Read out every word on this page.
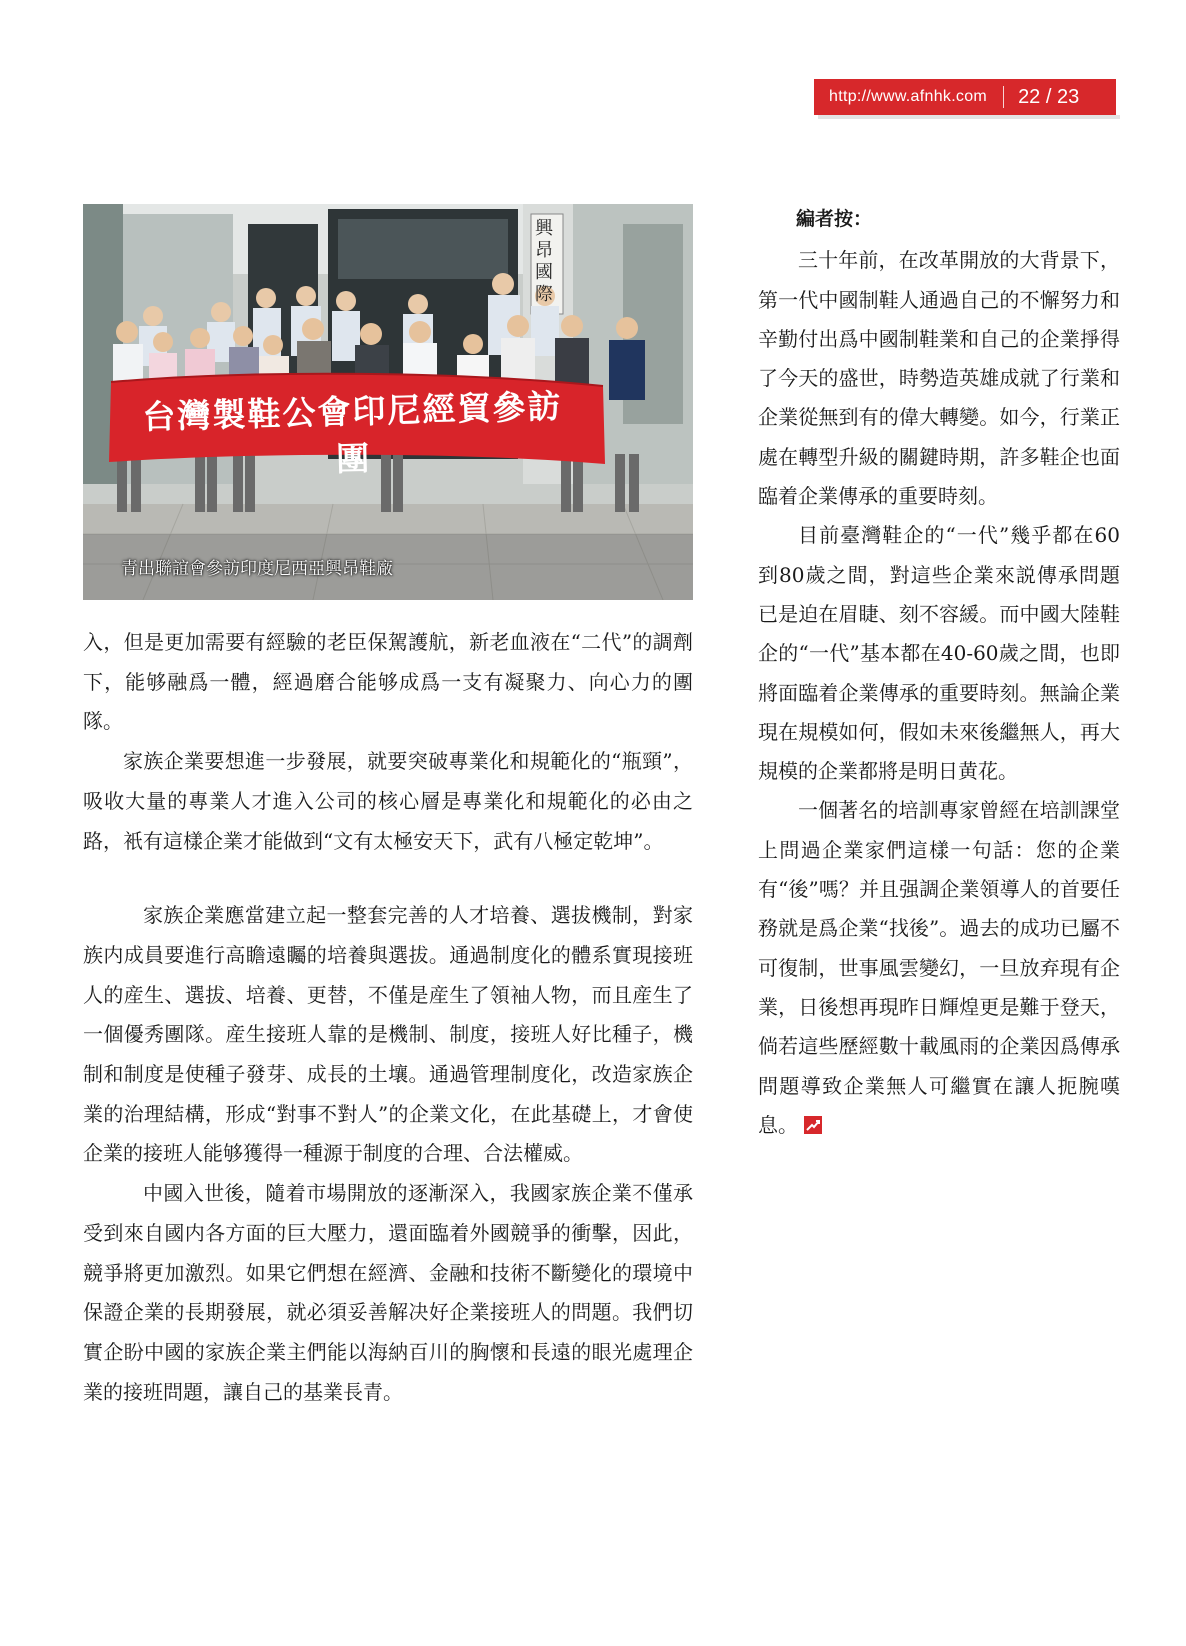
http://www.afnhk.com 22 / 23
台灣製鞋公會印尼經貿參訪團
興昂國際
青出聯誼會參訪印度尼西亞興昂鞋廠

入，但是更加需要有經驗的老臣保駕護航，新老血液在“二代”的調劑下，能够融爲一體，經過磨合能够成爲一支有凝聚力、向心力的團隊。

家族企業要想進一步發展，就要突破專業化和規範化的“瓶頸”，吸收大量的專業人才進入公司的核心層是專業化和規範化的必由之路，衹有這樣企業才能做到“文有太極安天下，武有八極定乾坤”。

家族企業應當建立起一整套完善的人才培養、選拔機制，對家族内成員要進行高瞻遠矚的培養與選拔。通過制度化的體系實現接班人的産生、選拔、培養、更替，不僅是産生了領袖人物，而且産生了一個優秀團隊。産生接班人靠的是機制、制度，接班人好比種子，機制和制度是使種子發芽、成長的土壤。通過管理制度化，改造家族企業的治理結構，形成“對事不對人”的企業文化，在此基礎上，才會使企業的接班人能够獲得一種源于制度的合理、合法權威。

中國入世後，隨着市場開放的逐漸深入，我國家族企業不僅承受到來自國内各方面的巨大壓力，還面臨着外國競爭的衝擊，因此，競爭將更加激烈。如果它們想在經濟、金融和技術不斷變化的環境中保證企業的長期發展，就必須妥善解决好企業接班人的問題。我們切實企盼中國的家族企業主們能以海納百川的胸懷和長遠的眼光處理企業的接班問題，讓自己的基業長青。

編者按：

三十年前，在改革開放的大背景下，第一代中國制鞋人通過自己的不懈努力和辛勤付出爲中國制鞋業和自己的企業掙得了今天的盛世，時勢造英雄成就了行業和企業從無到有的偉大轉變。如今，行業正處在轉型升級的關鍵時期，許多鞋企也面臨着企業傳承的重要時刻。

目前臺灣鞋企的“一代”幾乎都在60到80歲之間，對這些企業來説傳承問題已是迫在眉睫、刻不容緩。而中國大陸鞋企的“一代”基本都在40-60歲之間，也即將面臨着企業傳承的重要時刻。無論企業現在規模如何，假如未來後繼無人，再大規模的企業都將是明日黄花。

一個著名的培訓專家曾經在培訓課堂上問過企業家們這樣一句話：您的企業有“後”嗎？并且强調企業領導人的首要任務就是爲企業“找後”。過去的成功已屬不可復制，世事風雲變幻，一旦放弃現有企業，日後想再現昨日輝煌更是難于登天，倘若這些歷經數十載風雨的企業因爲傳承問題導致企業無人可繼實在讓人扼腕嘆息。
